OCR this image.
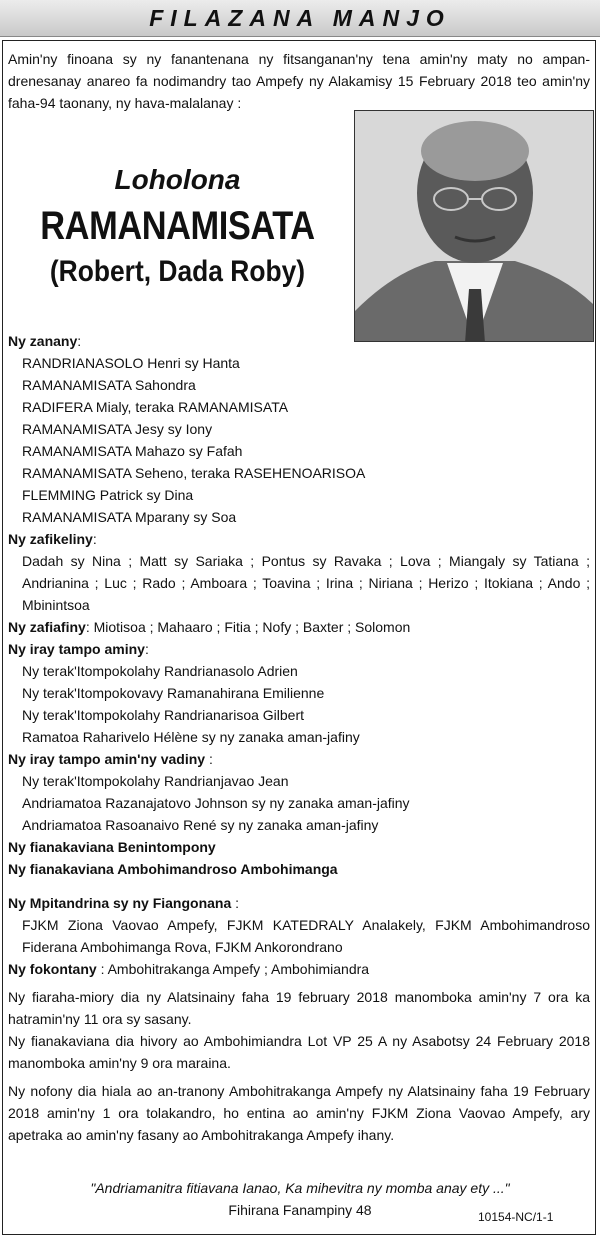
FILAZANA MANJO
Amin'ny finoana sy ny fanantenana ny fitsanganan'ny tena amin'ny maty no ampan-drenesanay anareo fa nodimandry tao Ampefy ny Alakamisy 15 February 2018 teo amin'ny faha-94 taonany, ny hava-malalanay :
Loholona
RAMANAMISATA
(Robert, Dada Roby)
Ny zanany:
RANDRIANASOLO Henri sy Hanta
RAMANAMISATA Sahondra
RADIFERA Mialy, teraka RAMANAMISATA
RAMANAMISATA Jesy sy Iony
RAMANAMISATA Mahazo sy Fafah
RAMANAMISATA Seheno, teraka RASEHENOARISOA
FLEMMING Patrick sy Dina
RAMANAMISATA Mparany sy Soa
Ny zafikeliny:
Dadah sy Nina ; Matt sy Sariaka ; Pontus sy Ravaka ; Lova ; Miangaly sy Tatiana ; Andrianina ; Luc ; Rado ; Amboara ; Toavina ; Irina ; Niriana ; Herizo ; Itokiana ; Ando ; Mbinintsoa
Ny zafiafiny: Miotisoa ; Mahaaro ; Fitia ; Nofy ; Baxter ; Solomon
Ny iray tampo aminy:
Ny terak'Itompokolahy Randrianasolo Adrien
Ny terak'Itompokovavy Ramanahirana Emilienne
Ny terak'Itompokolahy Randrianarisoa Gilbert
Ramatoa Raharivelo Hélène sy ny zanaka aman-jafiny
Ny iray tampo amin'ny vadiny :
Ny terak'Itompokolahy Randrianjavao Jean
Andriamatoa Razanajatovo Johnson sy ny zanaka aman-jafiny
Andriamatoa Rasoanaivo René sy ny zanaka aman-jafiny
Ny fianakaviana Benintompony
Ny fianakaviana Ambohimandroso Ambohimanga
Ny Mpitandrina sy ny Fiangonana :
FJKM Ziona Vaovao Ampefy, FJKM KATEDRALY Analakely, FJKM Ambohimandroso Fiderana Ambohimanga Rova, FJKM Ankorondrano
Ny fokontany : Ambohitrakanga Ampefy ; Ambohimiandra
Ny fiaraha-miory dia ny Alatsinainy faha 19 february 2018 manomboka amin'ny 7 ora ka hatramin'ny 11 ora sy sasany.
Ny fianakaviana dia hivory ao Ambohimiandra Lot VP 25 A ny Asabotsy 24 February 2018 manomboka amin'ny 9 ora maraina.
Ny nofony dia hiala ao an-tranony Ambohitrakanga Ampefy ny Alatsinainy faha 19 February 2018 amin'ny 1 ora tolakandro, ho entina ao amin'ny FJKM Ziona Vaovao Ampefy, ary apetraka ao amin'ny fasany ao Ambohitrakanga Ampefy ihany.
"Andriamanitra fitiavana Ianao, Ka mihevitra ny momba anay ety ..."
Fihirana Fanampiny 48	10154-NC/1-1
